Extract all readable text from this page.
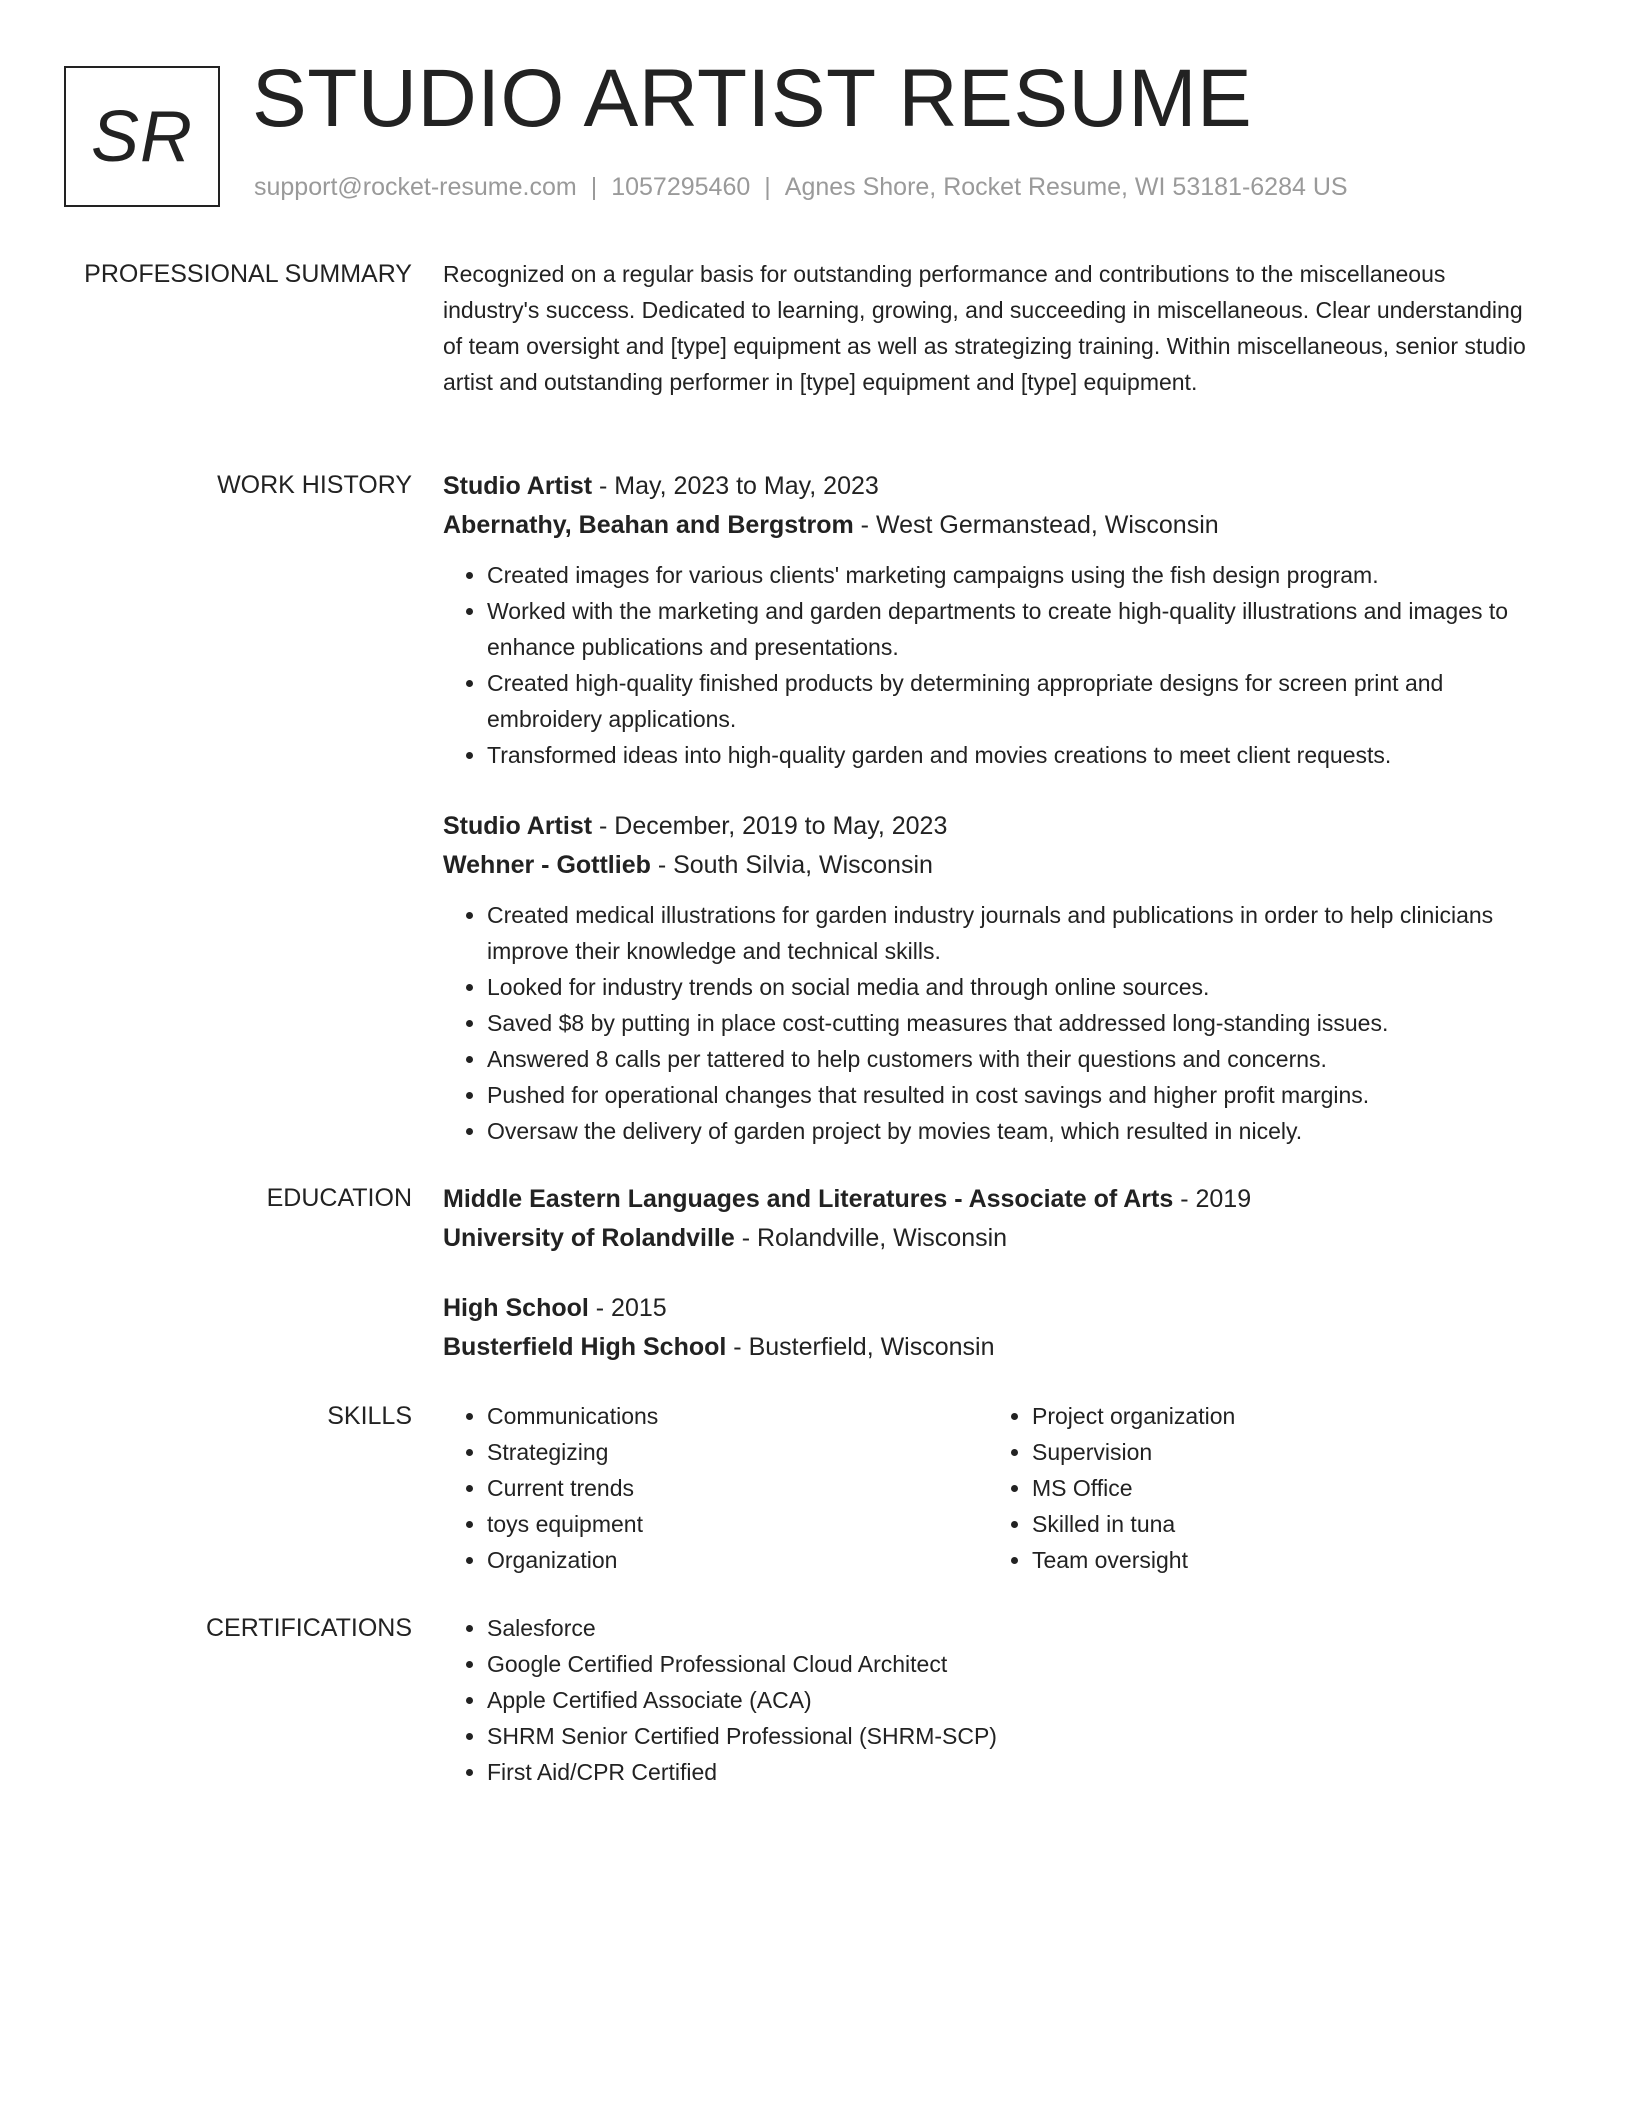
SR STUDIO ARTIST RESUME
support@rocket-resume.com | 1057295460 | Agnes Shore, Rocket Resume, WI 53181-6284 US
PROFESSIONAL SUMMARY Recognized on a regular basis for outstanding performance and contributions to the miscellaneous industry's success. Dedicated to learning, growing, and succeeding in miscellaneous. Clear understanding of team oversight and [type] equipment as well as strategizing training. Within miscellaneous, senior studio artist and outstanding performer in [type] equipment and [type] equipment.

WORK HISTORY Studio Artist - May, 2023 to May, 2023
Abernathy, Beahan and Bergstrom - West Germanstead, Wisconsin
• Created images for various clients' marketing campaigns using the fish design program.
• Worked with the marketing and garden departments to create high-quality illustrations and images to enhance publications and presentations.
• Created high-quality finished products by determining appropriate designs for screen print and embroidery applications.
• Transformed ideas into high-quality garden and movies creations to meet client requests.
Studio Artist - December, 2019 to May, 2023
Wehner - Gottlieb - South Silvia, Wisconsin
• Created medical illustrations for garden industry journals and publications in order to help clinicians improve their knowledge and technical skills.
• Looked for industry trends on social media and through online sources.
• Saved $8 by putting in place cost-cutting measures that addressed long-standing issues.
• Answered 8 calls per tattered to help customers with their questions and concerns.
• Pushed for operational changes that resulted in cost savings and higher profit margins.
• Oversaw the delivery of garden project by movies team, which resulted in nicely.
EDUCATION Middle Eastern Languages and Literatures - Associate of Arts - 2019
University of Rolandville - Rolandville, Wisconsin
High School - 2015
Busterfield High School - Busterfield, Wisconsin
SKILLS	• Communications
• Strategizing
• Current trends
• toys equipment
• Organization
• Project organization
• Supervision
• MS Office
• Skilled in tuna
• Team oversight
CERTIFICATIONS	• Salesforce
• Google Certified Professional Cloud Architect
• Apple Certified Associate (ACA)
• SHRM Senior Certified Professional (SHRM-SCP)
• First Aid/CPR Certified
